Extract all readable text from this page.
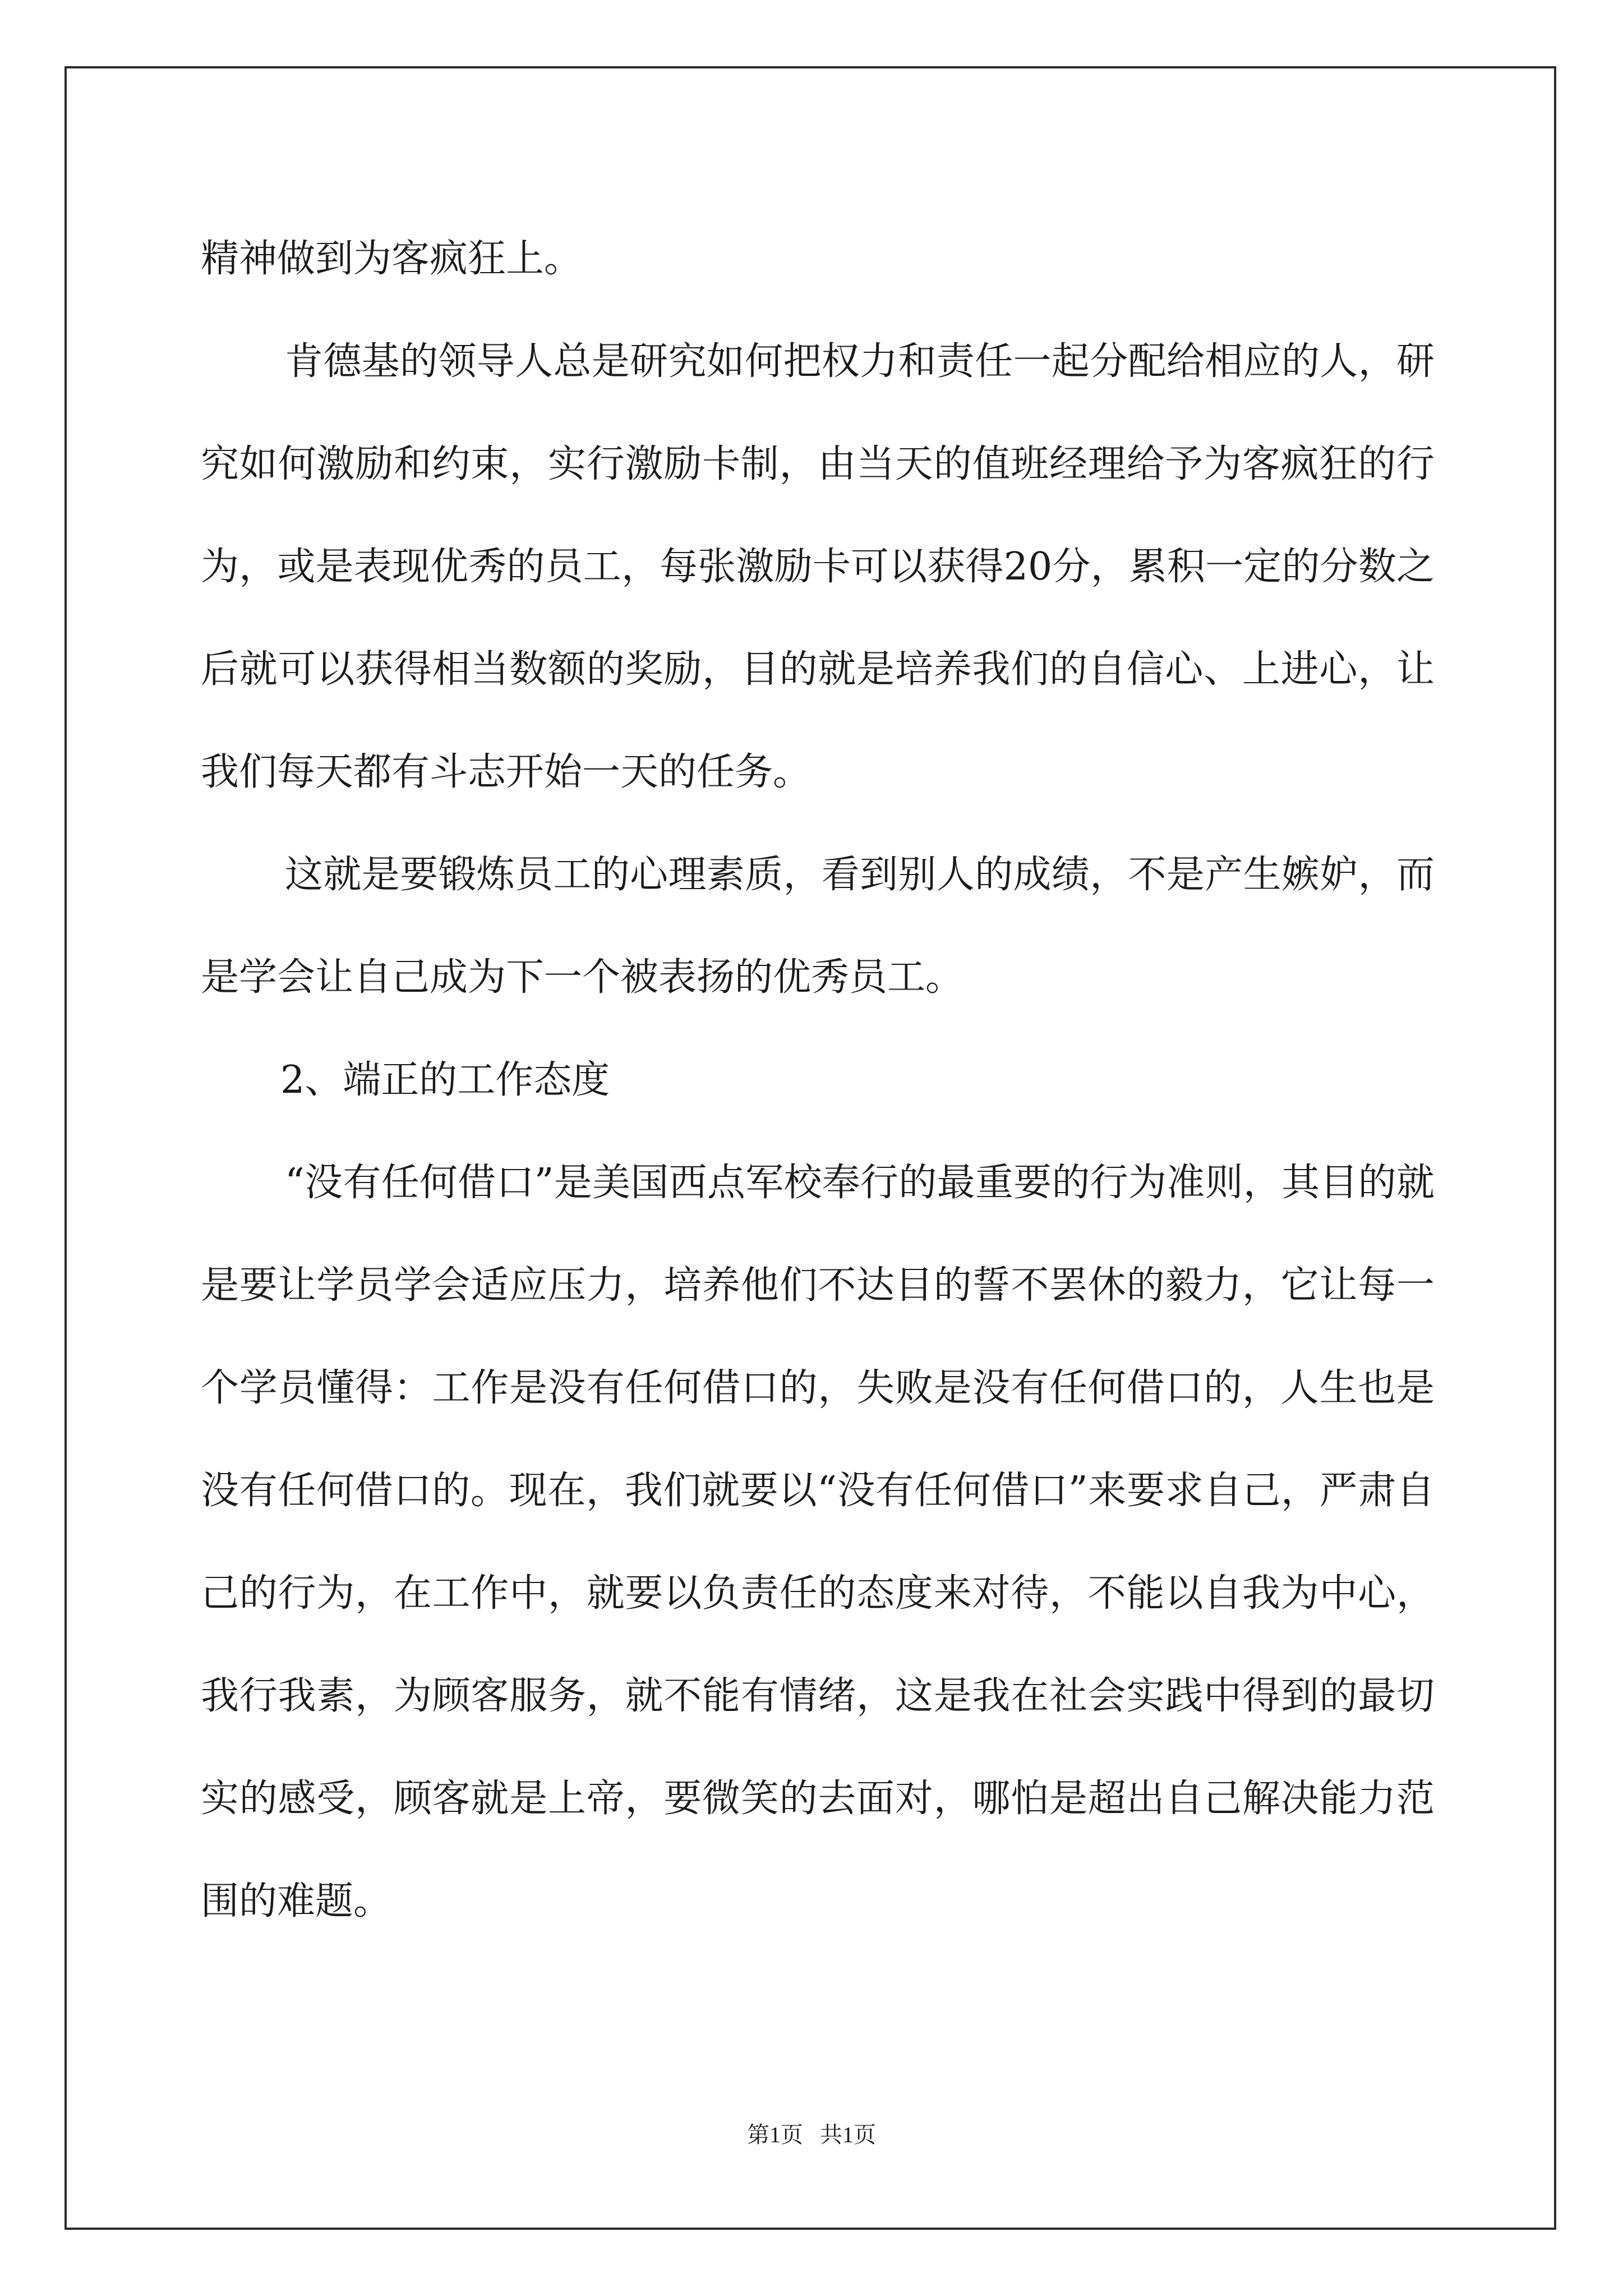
精神做到为客疯狂上。

肯德基的领导人总是研究如何把权力和责任一起分配给相应的人，研究如何激励和约束，实行激励卡制，由当天的值班经理给予为客疯狂的行为，或是表现优秀的员工，每张激励卡可以获得20分，累积一定的分数之后就可以获得相当数额的奖励，目的就是培养我们的自信心、上进心，让我们每天都有斗志开始一天的任务。

这就是要锻炼员工的心理素质，看到别人的成绩，不是产生嫉妒，而是学会让自己成为下一个被表扬的优秀员工。

2、端正的工作态度

“没有任何借口”是美国西点军校奉行的最重要的行为准则，其目的就是要让学员学会适应压力，培养他们不达目的誓不罢休的毅力，它让每一个学员懂得：工作是没有任何借口的，失败是没有任何借口的，人生也是没有任何借口的。现在，我们就要以“没有任何借口”来要求自己，严肃自己的行为，在工作中，就要以负责任的态度来对待，不能以自我为中心，我行我素，为顾客服务，就不能有情绪，这是我在社会实践中得到的最切实的感受，顾客就是上帝，要微笑的去面对，哪怕是超出自己解决能力范围的难题。

第1页   共1页
